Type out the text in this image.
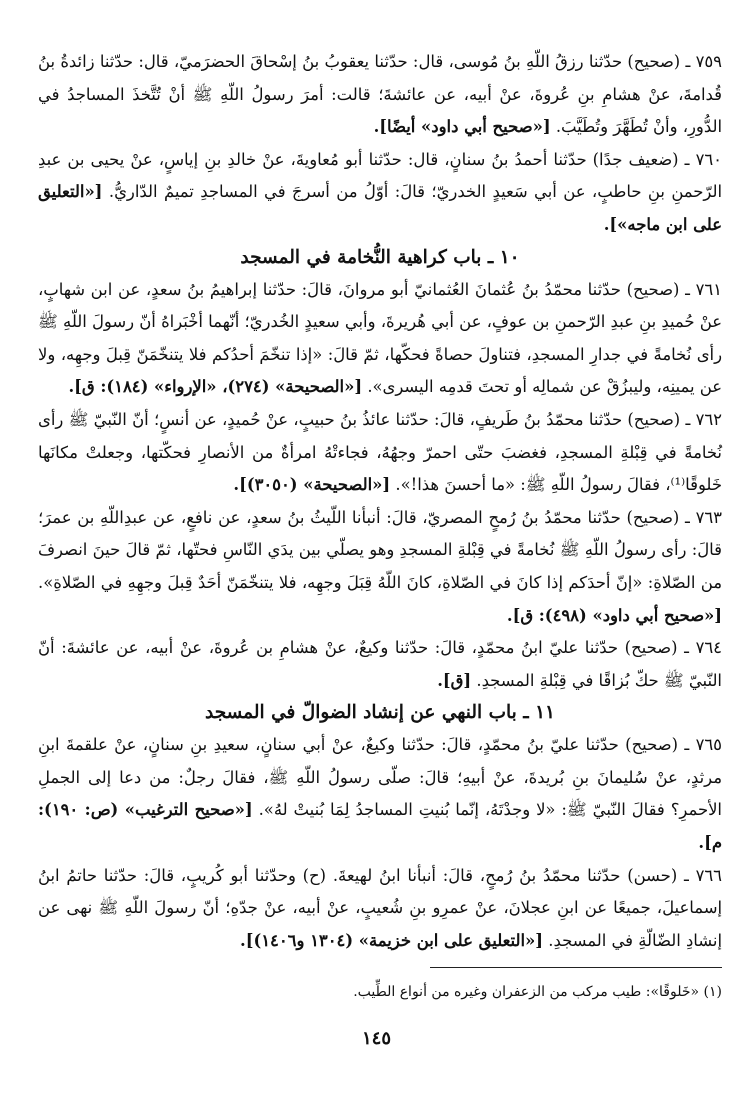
٧٥٩ ـ (صحيح) حدّثنا رزقُ اللّهِ بنُ مُوسى، قال: حدّثنا يعقوبُ بنُ إسْحاقَ الحضرَميّ، قال: حدّثنا زائدةُ بنُ قُدامةَ، عنْ هشامِ بنِ عُروةَ، عنْ أبيه، عن عائشةَ؛ قالت: أمرَ رسولُ اللّهِ ﷺ أنْ تُتَّخذَ المساجدُ في الدُّورِ، وأنْ تُطَهَّرَ وتُطَيَّبَ. [«صحيح أبي داود» أيضًا].

٧٦٠ ـ (ضعيف جدًا) حدّثنا أحمدُ بنُ سنانٍ، قال: حدّثنا أبو مُعاويةَ، عنْ خالدِ بنِ إياسٍ، عنْ يحيى بن عبدِ الرّحمنِ بنِ حاطبٍ، عن أبي سَعيدٍ الخدريّ؛ قالَ: أوّلُ من أسرجَ في المساجدِ تميمٌ الدّاريُّ. [«التعليق على ابن ماجه»].

١٠ ـ باب كراهية النُّخامة في المسجد

٧٦١ ـ (صحيح) حدّثنا محمّدُ بنُ عُثمانَ العُثمانيّ أبو مروانَ، قالَ: حدّثنا إبراهيمُ بنُ سعدٍ، عن ابن شهابٍ، عنْ حُميدِ بنِ عبدِ الرّحمنِ بن عوفٍ، عن أبي هُريرةَ، وأبي سعيدٍ الخُدريّ؛ أنّهما أخْبَراهُ أنّ رسولَ اللّهِ ﷺ رأى نُخامةً في جدارِ المسجدِ، فتناولَ حصاةً فحكّها، ثمّ قالَ: «إذا تنخّمَ أحدُكم فلا يتنخّمَنّ قِبلَ وجهِه، ولا عن يمينِه، وليبزُقْ عن شمالِه أو تحتَ قدمِه اليسرى». [«الصحيحة» (٢٧٤)، «الإرواء» (١٨٤): ق].

٧٦٢ ـ (صحيح) حدّثنا محمّدُ بنُ طَريفٍ، قالَ: حدّثنا عائذُ بنُ حبيبٍ، عنْ حُميدٍ، عن أنسٍ؛ أنّ النّبيّ ﷺ رأى نُخامةً في قِبْلةِ المسجدِ، فغضبَ حتّى احمرّ وجهُهُ، فجاءتْهُ امرأةٌ من الأنصارِ فحكّتها، وجعلتْ مكانَها خَلوقًا⁽¹⁾، فقالَ رسولُ اللّهِ ﷺ: «ما أحسنَ هذا!». [«الصحيحة» (٣٠٥٠)].

٧٦٣ ـ (صحيح) حدّثنا محمّدُ بنُ رُمحٍ المصريّ، قالَ: أنبأنا اللّيثُ بنُ سعدٍ، عن نافعٍ، عن عبدِاللّهِ بن عمرَ؛ قالَ: رأى رسولُ اللّهِ ﷺ نُخامةً في قِبْلةِ المسجدِ وهو يصلّي بين يدَي النّاسِ فحتّها، ثمّ قالَ حينَ انصرفَ من الصّلاةِ: «إنّ أحدَكم إذا كانَ في الصّلاةِ، كانَ اللّهُ قِبَلَ وجهِه، فلا يتنخّمَنّ أحَدٌ قِبلَ وجهِهِ في الصّلاةِ». [«صحيح أبي داود» (٤٩٨): ق].

٧٦٤ ـ (صحيح) حدّثنا عليّ ابنُ محمّدٍ، قالَ: حدّثنا وكيعٌ، عنْ هشامِ بن عُروةَ، عنْ أبيه، عن عائشةَ: أنّ النّبيّ ﷺ حكّ بُزاقًا في قِبْلةِ المسجدِ. [ق].

١١ ـ باب النهي عن إنشاد الضوالّ في المسجد

٧٦٥ ـ (صحيح) حدّثنا عليّ بنُ محمّدٍ، قالَ: حدّثنا وكيعٌ، عنْ أبي سنانٍ، سعيدِ بنِ سنانٍ، عنْ علقمةَ ابنِ مرثدٍ، عنْ سُليمانَ بنِ بُريدةَ، عنْ أبيهِ؛ قالَ: صلّى رسولُ اللّهِ ﷺ، فقالَ رجلٌ: من دعا إلى الجملِ الأحمرِ؟ فقالَ النّبيّ ﷺ: «لا وجدْتَهُ، إنّما بُنيتِ المساجدُ لِمَا بُنيتْ لهُ». [«صحيح الترغيب» (ص: ١٩٠): م].

٧٦٦ ـ (حسن) حدّثنا محمّدُ بنُ رُمحٍ، قالَ: أنبأنا ابنُ لهيعةَ. (ح) وحدّثنا أبو كُريبٍ، قالَ: حدّثنا حاتمُ ابنُ إسماعيلَ، جميعًا عن ابنِ عجلانَ، عنْ عمرِو بنِ شُعيبٍ، عنْ أبيه، عنْ جدّهِ؛ أنّ رسولَ اللّهِ ﷺ نهى عن إنشادِ الضّالّةِ في المسجدِ. [«التعليق على ابن خزيمة» (١٣٠٤ و١٤٠٦)].

(١) «خَلوقًا»: طيب مركب من الزعفران وغيره من أنواع الطِّيب.

١٤٥
